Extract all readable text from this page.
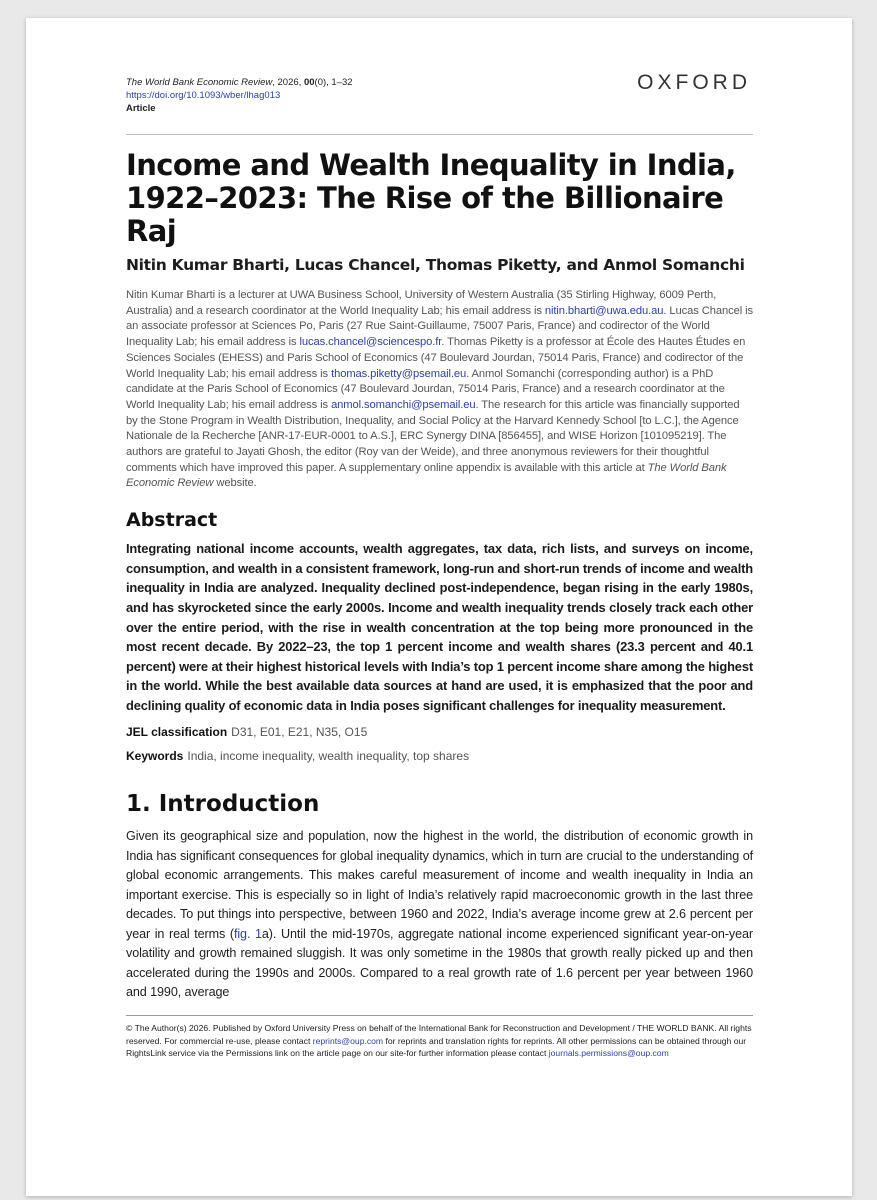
The World Bank Economic Review, 2026, 00(0), 1–32
https://doi.org/10.1093/wber/lhag013
Article
OXFORD
Income and Wealth Inequality in India,
1922–2023: The Rise of the Billionaire Raj
Nitin Kumar Bharti, Lucas Chancel, Thomas Piketty, and Anmol Somanchi
Nitin Kumar Bharti is a lecturer at UWA Business School, University of Western Australia (35 Stirling Highway, 6009 Perth, Australia) and a research coordinator at the World Inequality Lab; his email address is nitin.bharti@uwa.edu.au. Lucas Chancel is an associate professor at Sciences Po, Paris (27 Rue Saint-Guillaume, 75007 Paris, France) and codirector of the World Inequality Lab; his email address is lucas.chancel@sciencespo.fr. Thomas Piketty is a professor at École des Hautes Études en Sciences Sociales (EHESS) and Paris School of Economics (47 Boulevard Jourdan, 75014 Paris, France) and codirector of the World Inequality Lab; his email address is thomas.piketty@psemail.eu. Anmol Somanchi (corresponding author) is a PhD candidate at the Paris School of Economics (47 Boulevard Jourdan, 75014 Paris, France) and a research coordinator at the World Inequality Lab; his email address is anmol.somanchi@psemail.eu. The research for this article was financially supported by the Stone Program in Wealth Distribution, Inequality, and Social Policy at the Harvard Kennedy School [to L.C.], the Agence Nationale de la Recherche [ANR-17-EUR-0001 to A.S.], ERC Synergy DINA [856455], and WISE Horizon [101095219]. The authors are grateful to Jayati Ghosh, the editor (Roy van der Weide), and three anonymous reviewers for their thoughtful comments which have improved this paper. A supplementary online appendix is available with this article at The World Bank Economic Review website.
Abstract
Integrating national income accounts, wealth aggregates, tax data, rich lists, and surveys on income, consumption, and wealth in a consistent framework, long-run and short-run trends of income and wealth inequality in India are analyzed. Inequality declined post-independence, began rising in the early 1980s, and has skyrocketed since the early 2000s. Income and wealth inequality trends closely track each other over the entire period, with the rise in wealth concentration at the top being more pronounced in the most recent decade. By 2022–23, the top 1 percent income and wealth shares (23.3 percent and 40.1 percent) were at their highest historical levels with India’s top 1 percent income share among the highest in the world. While the best available data sources at hand are used, it is emphasized that the poor and declining quality of economic data in India poses significant challenges for inequality measurement.
JEL classification D31, E01, E21, N35, O15
Keywords India, income inequality, wealth inequality, top shares
1. Introduction
Given its geographical size and population, now the highest in the world, the distribution of economic growth in India has significant consequences for global inequality dynamics, which in turn are crucial to the understanding of global economic arrangements. This makes careful measurement of income and wealth inequality in India an important exercise. This is especially so in light of India’s relatively rapid macroeconomic growth in the last three decades. To put things into perspective, between 1960 and 2022, India’s average income grew at 2.6 percent per year in real terms (fig. 1a). Until the mid-1970s, aggregate national income experienced significant year-on-year volatility and growth remained sluggish. It was only sometime in the 1980s that growth really picked up and then accelerated during the 1990s and 2000s. Compared to a real growth rate of 1.6 percent per year between 1960 and 1990, average
© The Author(s) 2026. Published by Oxford University Press on behalf of the International Bank for Reconstruction and Development / THE WORLD BANK. All rights reserved. For commercial re-use, please contact reprints@oup.com for reprints and translation rights for reprints. All other permissions can be obtained through our RightsLink service via the Permissions link on the article page on our site-for further information please contact journals.permissions@oup.com
